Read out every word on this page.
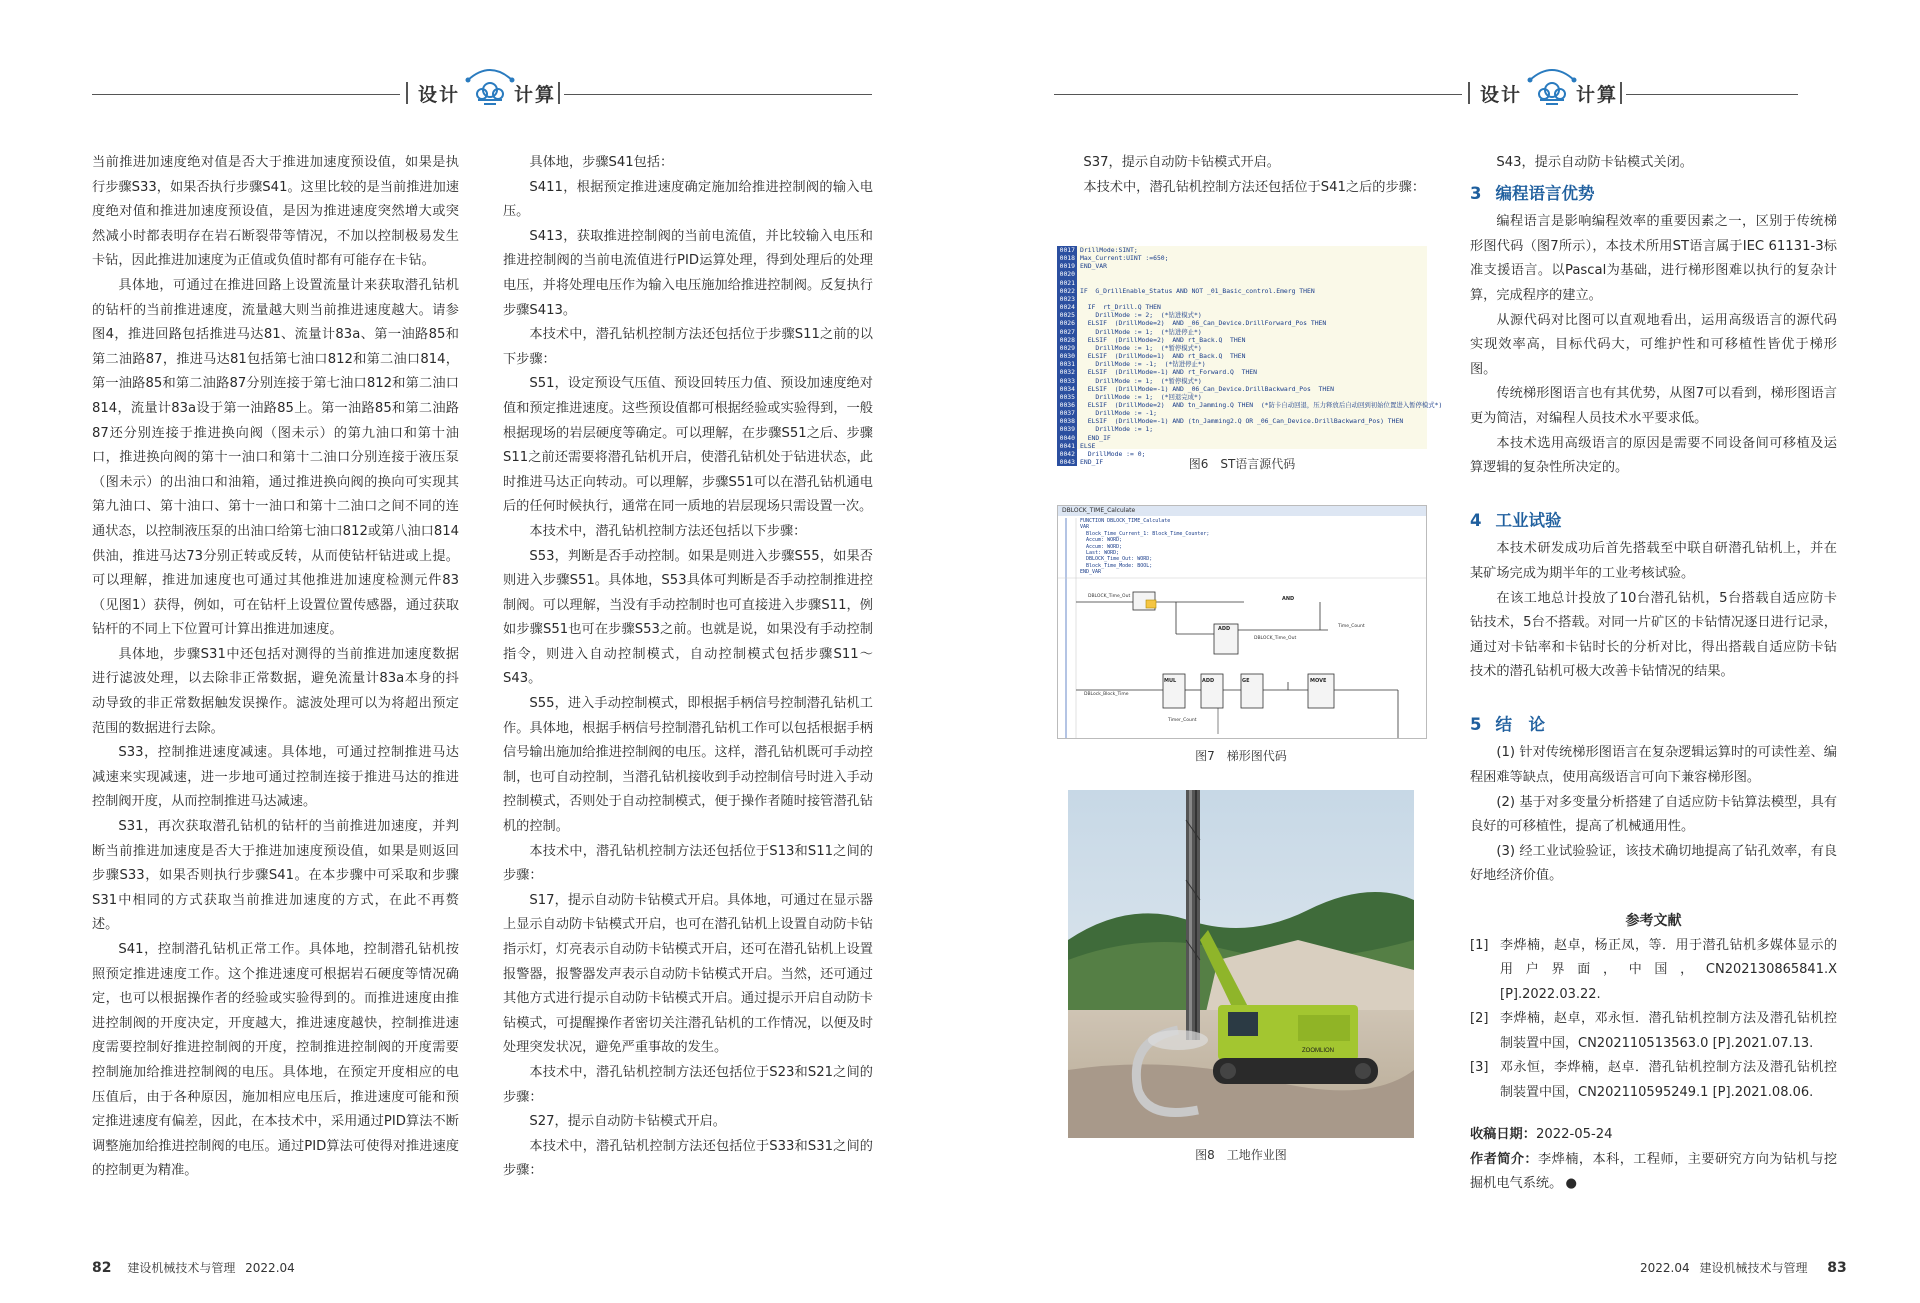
设计	计算	设计	计算

当前推进加速度绝对值是否大于推进加速度预设值，如果是执行步骤S33，如果否执行步骤S41。这里比较的是当前推进加速度绝对值和推进加速度预设值，是因为推进速度突然增大或突然减小时都表明存在岩石断裂带等情况，不加以控制极易发生卡钻，因此推进加速度为正值或负值时都有可能存在卡钻。

具体地，可通过在推进回路上设置流量计来获取潜孔钻机的钻杆的当前推进速度，流量越大则当前推进速度越大。请参图4，推进回路包括推进马达81、流量计83a、第一油路85和第二油路87，推进马达81包括第七油口812和第二油口814，第一油路85和第二油路87分别连接于第七油口812和第二油口814，流量计83a设于第一油路85上。第一油路85和第二油路87还分别连接于推进换向阀（图未示）的第九油口和第十油口，推进换向阀的第十一油口和第十二油口分别连接于液压泵（图未示）的出油口和油箱，通过推进换向阀的换向可实现其第九油口、第十油口、第十一油口和第十二油口之间不同的连通状态，以控制液压泵的出油口给第七油口812或第八油口814供油，推进马达73分别正转或反转，从而使钻杆钻进或上提。可以理解，推进加速度也可通过其他推进加速度检测元件83（见图1）获得，例如，可在钻杆上设置位置传感器，通过获取钻杆的不同上下位置可计算出推进加速度。

具体地，步骤S31中还包括对测得的当前推进加速度数据进行滤波处理，以去除非正常数据，避免流量计83a本身的抖动导致的非正常数据触发误操作。滤波处理可以为将超出预定范围的数据进行去除。

S33，控制推进速度减速。具体地，可通过控制推进马达减速来实现减速，进一步地可通过控制连接于推进马达的推进控制阀开度，从而控制推进马达减速。

S31，再次获取潜孔钻机的钻杆的当前推进加速度，并判断当前推进加速度是否大于推进加速度预设值，如果是则返回步骤S33，如果否则执行步骤S41。在本步骤中可采取和步骤S31中相同的方式获取当前推进加速度的方式，在此不再赘述。

S41，控制潜孔钻机正常工作。具体地，控制潜孔钻机按照预定推进速度工作。这个推进速度可根据岩石硬度等情况确定，也可以根据操作者的经验或实验得到的。而推进速度由推进控制阀的开度决定，开度越大，推进速度越快，控制推进速度需要控制好推进控制阀的开度，控制推进控制阀的开度需要控制施加给推进控制阀的电压。具体地，在预定开度相应的电压值后，由于各种原因，施加相应电压后，推进速度可能和预定推进速度有偏差，因此，在本技术中，采用通过PID算法不断调整施加给推进控制阀的电压。通过PID算法可使得对推进速度的控制更为精准。

具体地，步骤S41包括：

S411，根据预定推进速度确定施加给推进控制阀的输入电压。

S413，获取推进控制阀的当前电流值，并比较输入电压和推进控制阀的当前电流值进行PID运算处理，得到处理后的处理电压，并将处理电压作为输入电压施加给推进控制阀。反复执行步骤S413。

本技术中，潜孔钻机控制方法还包括位于步骤S11之前的以下步骤：

S51，设定预设气压值、预设回转压力值、预设加速度绝对值和预定推进速度。这些预设值都可根据经验或实验得到，一般根据现场的岩层硬度等确定。可以理解，在步骤S51之后、步骤S11之前还需要将潜孔钻机开启，使潜孔钻机处于钻进状态，此时推进马达正向转动。可以理解，步骤S51可以在潜孔钻机通电后的任何时候执行，通常在同一质地的岩层现场只需设置一次。

本技术中，潜孔钻机控制方法还包括以下步骤：

S53，判断是否手动控制。如果是则进入步骤S55，如果否则进入步骤S51。具体地，S53具体可判断是否手动控制推进控制阀。可以理解，当没有手动控制时也可直接进入步骤S11，例如步骤S51也可在步骤S53之前。也就是说，如果没有手动控制指令，则进入自动控制模式，自动控制模式包括步骤S11～S43。

S55，进入手动控制模式，即根据手柄信号控制潜孔钻机工作。具体地，根据手柄信号控制潜孔钻机工作可以包括根据手柄信号输出施加给推进控制阀的电压。这样，潜孔钻机既可手动控制，也可自动控制，当潜孔钻机接收到手动控制信号时进入手动控制模式，否则处于自动控制模式，便于操作者随时接管潜孔钻机的控制。

本技术中，潜孔钻机控制方法还包括位于S13和S11之间的步骤：

S17，提示自动防卡钻模式开启。具体地，可通过在显示器上显示自动防卡钻模式开启，也可在潜孔钻机上设置自动防卡钻指示灯，灯亮表示自动防卡钻模式开启，还可在潜孔钻机上设置报警器，报警器发声表示自动防卡钻模式开启。当然，还可通过其他方式进行提示自动防卡钻模式开启。通过提示开启自动防卡钻模式，可提醒操作者密切关注潜孔钻机的工作情况，以便及时处理突发状况，避免严重事故的发生。

本技术中，潜孔钻机控制方法还包括位于S23和S21之间的步骤：

S27，提示自动防卡钻模式开启。

本技术中，潜孔钻机控制方法还包括位于S33和S31之间的步骤：

82 建设机械技术与管理 2022.04

S37，提示自动防卡钻模式开启。

本技术中，潜孔钻机控制方法还包括位于S41之后的步骤：

0017 DrillMode:SINT;
0018 Max_Current:UINT :=650;
0019 END_VAR
0020
0021
0022 IF  G_DrillEnable_Status AND NOT _01_Basic_control.Emerg THEN
0023
0024  IF  rt_Drill.Q THEN
0025    DrillMode := 2;  (*钻进模式*)
0026  ELSIF  (DrillMode=2)  AND _06_Can_Device.DrillForward_Pos THEN
0027    DrillMode := 1;  (*钻进停止*)
0028  ELSIF  (DrillMode=2)  AND rt_Back.Q  THEN
0029    DrillMode := 1;  (*暂停模式*)
0030  ELSIF  (DrillMode=1)  AND rt_Back.Q  THEN
0031    DrillMode := -1;  (*钻进停止*)
0032  ELSIF  (DrillMode=-1) AND rt_Forward.Q  THEN
0033    DrillMode := 1;  (*暂停模式*)
0034  ELSIF  (DrillMode=-1) AND _06_Can_Device.DrillBackward_Pos  THEN
0035    DrillMode := 1;  (*回退完成*)
0036  ELSIF  (DrillMode=2)  AND tn_Jamming.Q THEN  (*防卡自动回退，压力释放后自动回到初始位置进入暂停模式*)
0037    DrillMode := -1;
0038  ELSIF  (DrillMode=-1) AND (tn_Jamming2.Q OR _06_Can_Device.DrillBackward_Pos) THEN
0039    DrillMode := 1;
0040  END_IF
0041 ELSE
0042  DrillMode := 0;
0043 END_IF	图6　ST语言源代码
DBLOCK_TIME_Calculate
FUNCTION DBLOCK_TIME_Calculate
VAR
Block_Time_Current_1: Block_Time_Counter;
Accum: WORD;
Accum: WORD;
Last: WORD;
DBLOCK_Time_Out: WORD;
Block_Time_Mode: BOOL;
END_VAR
AND
ADD
MUL	ADD	GE	MOVE
DBLOCK_Time_Out
Time_Count
DBLOCK_Time_Out
DBLock_Block_Time
Timer_Count
图7　梯形图代码
ZOOMLION
图8　工地作业图

S43，提示自动防卡钻模式关闭。

3 编程语言优势

编程语言是影响编程效率的重要因素之一，区别于传统梯形图代码（图7所示），本技术所用ST语言属于IEC 61131-3标准支援语言。以Pascal为基础，进行梯形图难以执行的复杂计算，完成程序的建立。

从源代码对比图可以直观地看出，运用高级语言的源代码实现效率高，目标代码大，可维护性和可移植性皆优于梯形图。

传统梯形图语言也有其优势，从图7可以看到，梯形图语言更为简洁，对编程人员技术水平要求低。

本技术选用高级语言的原因是需要不同设备间可移植及运算逻辑的复杂性所决定的。

4 工业试验

本技术研发成功后首先搭载至中联自研潜孔钻机上，并在某矿场完成为期半年的工业考核试验。

在该工地总计投放了10台潜孔钻机，5台搭载自适应防卡钻技术，5台不搭载。对同一片矿区的卡钻情况逐日进行记录，通过对卡钻率和卡钻时长的分析对比，得出搭载自适应防卡钻技术的潜孔钻机可极大改善卡钻情况的结果。

5 结　论

(1) 针对传统梯形图语言在复杂逻辑运算时的可读性差、编程困难等缺点，使用高级语言可向下兼容梯形图。

(2) 基于对多变量分析搭建了自适应防卡钻算法模型，具有良好的可移植性，提高了机械通用性。

(3) 经工业试验验证，该技术确切地提高了钻孔效率，有良好地经济价值。

参考文献

[1] 李烨楠，赵卓，杨正凤，等．用于潜孔钻机多媒体显示的用户界面，中国，CN202130865841.X [P].2022.03.22.
[2] 李烨楠，赵卓，邓永恒．潜孔钻机控制方法及潜孔钻机控制装置中国，CN202110513563.0 [P].2021.07.13.
[3] 邓永恒，李烨楠，赵卓．潜孔钻机控制方法及潜孔钻机控制装置中国，CN202110595249.1 [P].2021.08.06.

收稿日期：2022-05-24

作者简介：李烨楠，本科，工程师，主要研究方向为钻机与挖掘机电气系统。 ●

2022.04 建设机械技术与管理 83
